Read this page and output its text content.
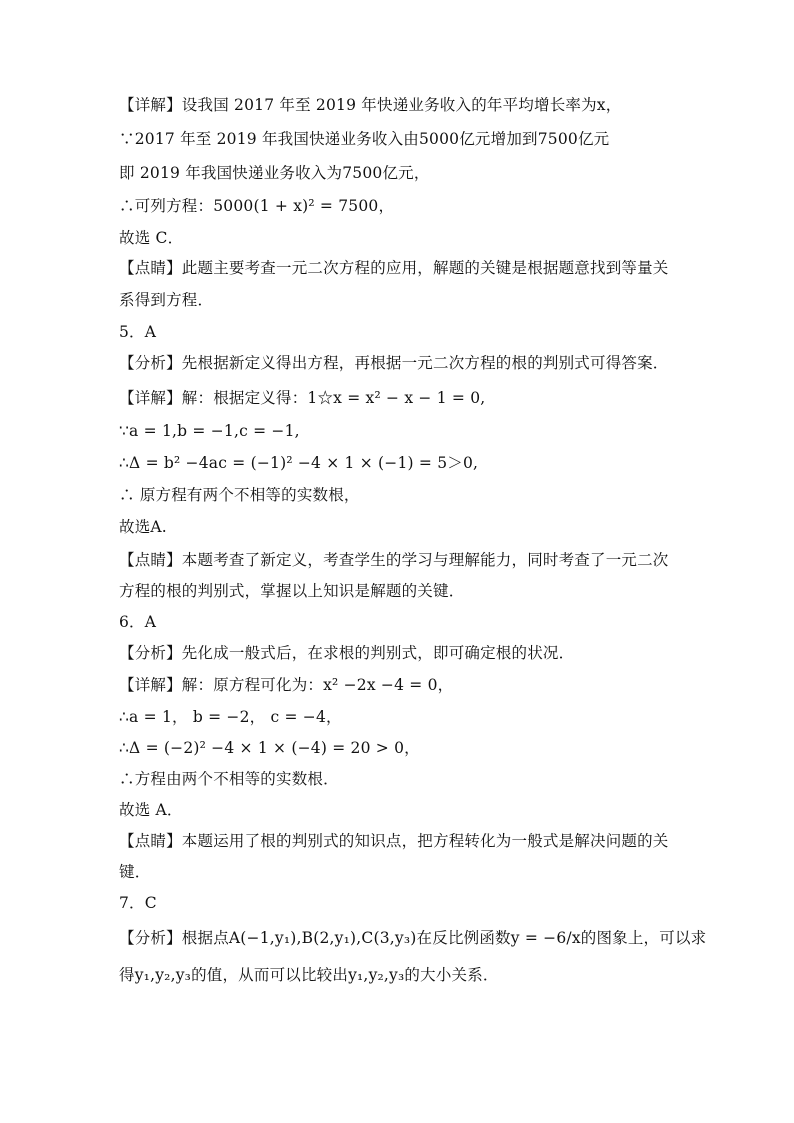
【详解】设我国 2017 年至 2019 年快递业务收入的年平均增长率为x，
∵2017 年至 2019 年我国快递业务收入由5000亿元增加到7500亿元
即 2019 年我国快递业务收入为7500亿元，
∴可列方程：5000(1 + x)² = 7500，
故选 C．
【点睛】此题主要考查一元二次方程的应用，解题的关键是根据题意找到等量关
系得到方程．
5．A
【分析】先根据新定义得出方程，再根据一元二次方程的根的判别式可得答案．
【详解】解：根据定义得：1☆x = x² − x − 1 = 0,
∵a = 1,b = −1,c = −1,
∴Δ = b² −4ac = (−1)² −4 × 1 × (−1) = 5＞0,
∴ 原方程有两个不相等的实数根，
故选A.
【点睛】本题考查了新定义，考查学生的学习与理解能力，同时考查了一元二次
方程的根的判别式，掌握以上知识是解题的关键．
6．A
【分析】先化成一般式后，在求根的判别式，即可确定根的状况．
【详解】解：原方程可化为：x² −2x −4 = 0，
∴a = 1， b = −2， c = −4，
∴Δ = (−2)² −4 × 1 × (−4) = 20 > 0，
∴方程由两个不相等的实数根．
故选 A．
【点睛】本题运用了根的判别式的知识点，把方程转化为一般式是解决问题的关
键．
7．C
【分析】根据点A(−1,y₁),B(2,y₁),C(3,y₃)在反比例函数y = −6/x的图象上，可以求
得y₁,y₂,y₃的值，从而可以比较出y₁,y₂,y₃的大小关系．
